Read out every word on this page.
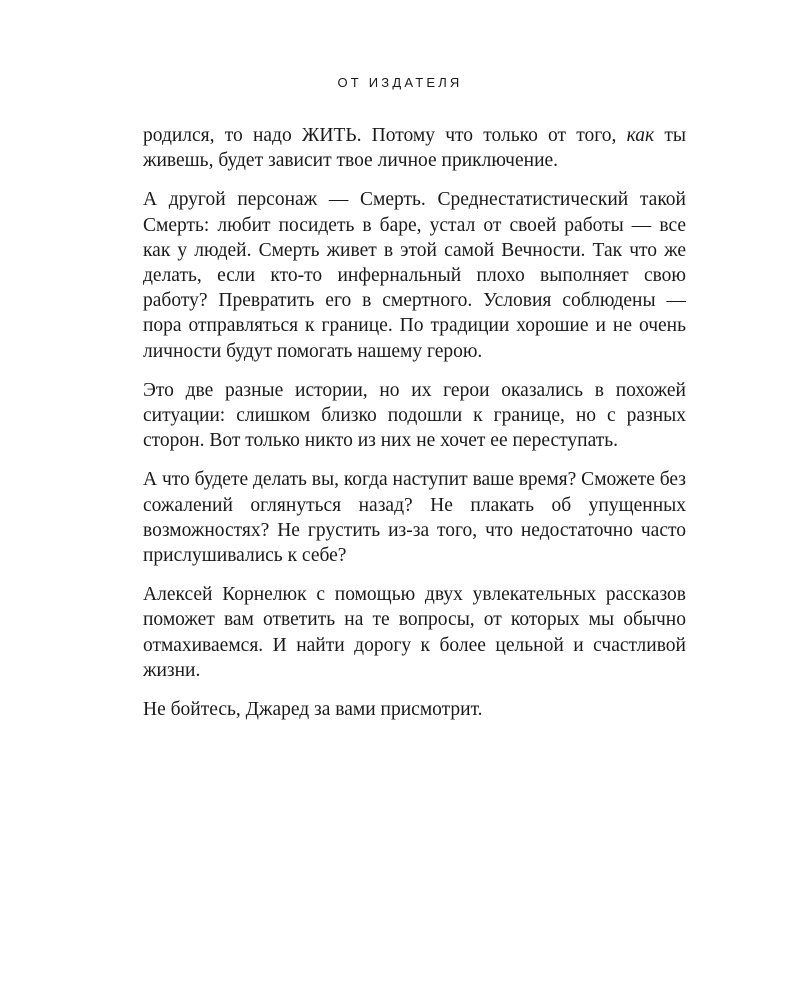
ОТ ИЗДАТЕЛЯ

родился, то надо ЖИТЬ. Потому что только от того, как ты живешь, будет зависит твое личное приключение.

А другой персонаж — Смерть. Среднестатистический такой Смерть: любит посидеть в баре, устал от своей работы — все как у людей. Смерть живет в этой самой Вечности. Так что же делать, если кто-то инфернальный плохо выполняет свою работу? Превратить его в смертного. Условия соблюдены — пора отправляться к границе. По традиции хорошие и не очень личности будут помогать нашему герою.

Это две разные истории, но их герои оказались в похожей ситуации: слишком близко подошли к границе, но с разных сторон. Вот только никто из них не хочет ее переступать.

А что будете делать вы, когда наступит ваше время? Сможете без сожалений оглянуться назад? Не плакать об упущенных возможностях? Не грустить из-за того, что недостаточно часто прислушивались к себе?

Алексей Корнелюк с помощью двух увлекательных рассказов поможет вам ответить на те вопросы, от которых мы обычно отмахиваемся. И найти дорогу к более цельной и счастливой жизни.

Не бойтесь, Джаред за вами присмотрит.
